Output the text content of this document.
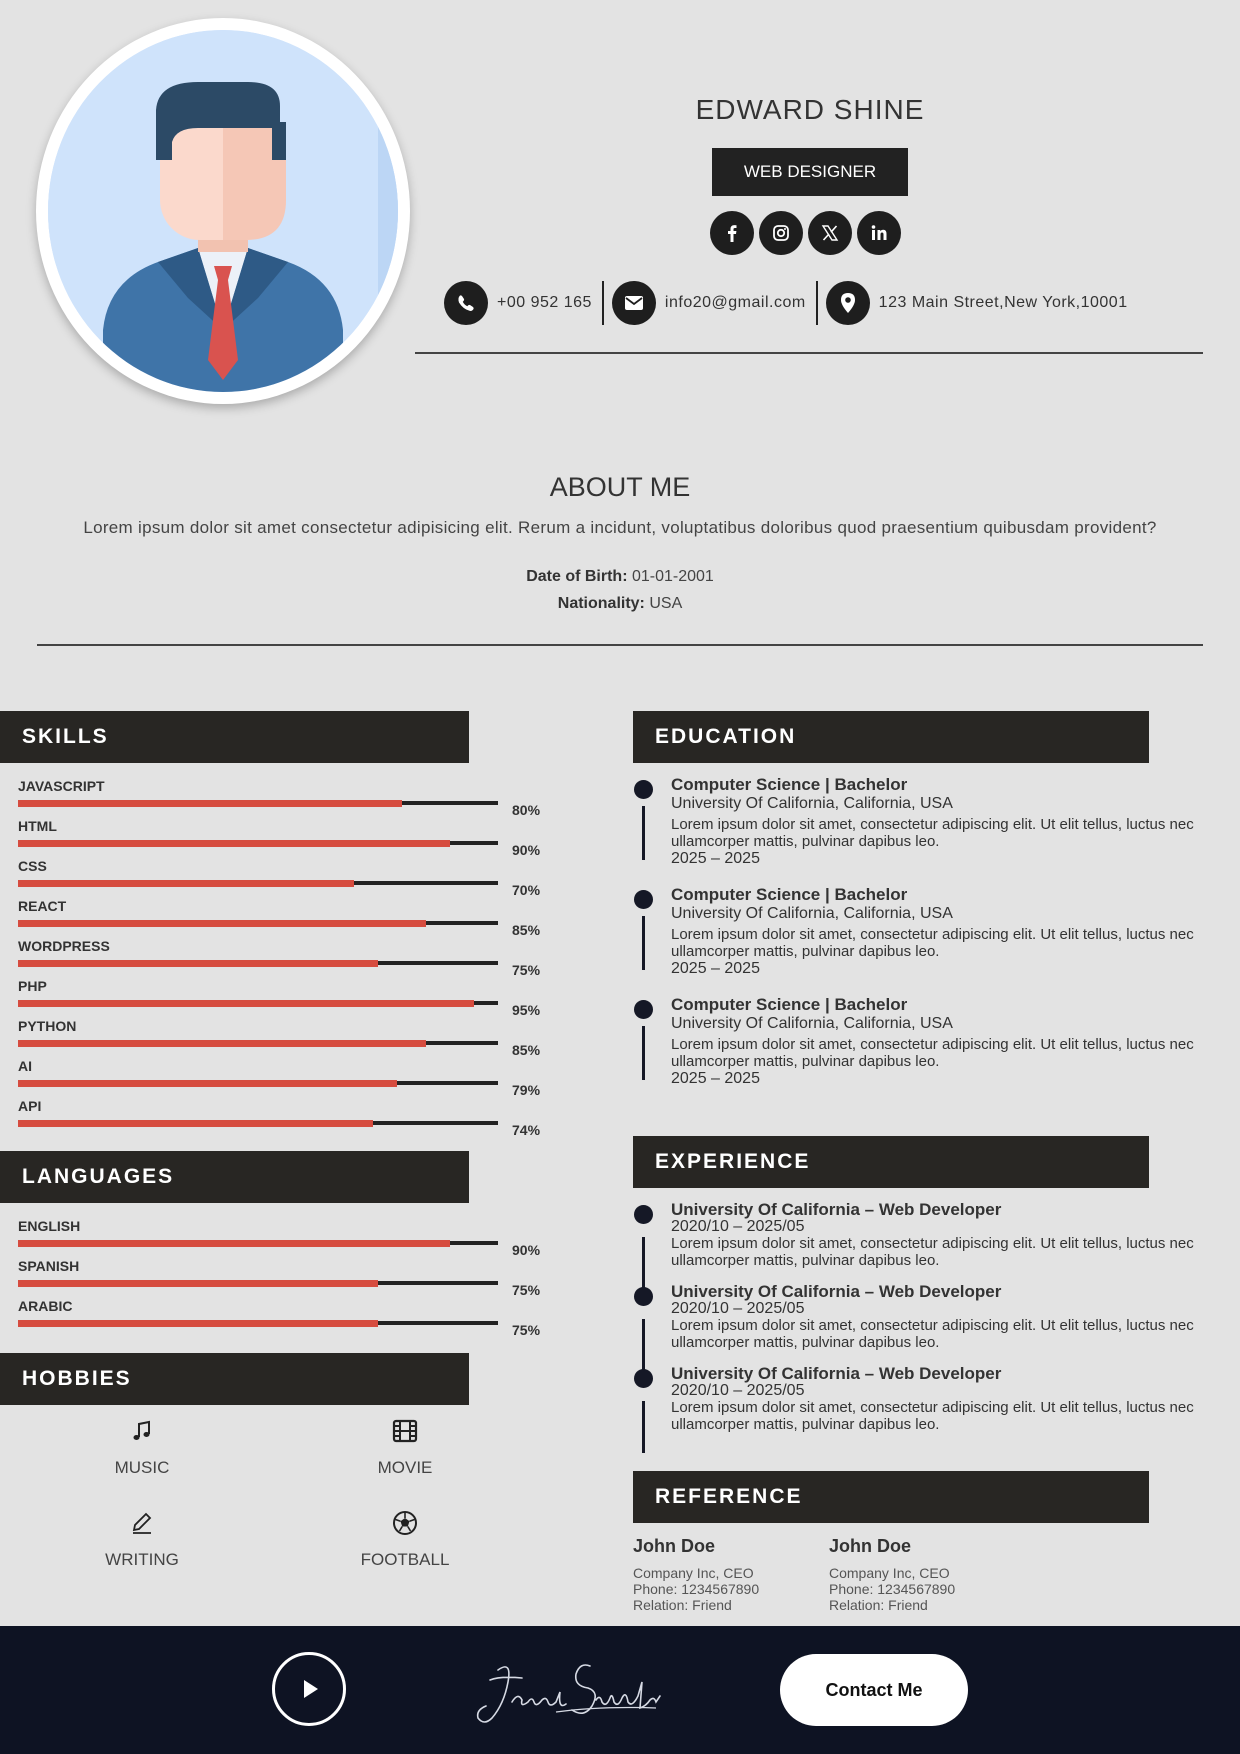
EDWARD SHINE
WEB DESIGNER
+00 952 165	info20@gmail.com	123 Main Street,New York,10001
ABOUT ME
Lorem ipsum dolor sit amet consectetur adipisicing elit. Rerum a incidunt, voluptatibus doloribus quod praesentium quibusdam provident?
Date of Birth: 01-01-2001
Nationality: USA
SKILLS
JAVASCRIPT
80%
HTML
90%
CSS
70%
REACT
85%
WORDPRESS
75%
PHP
95%
PYTHON
85%
AI
79%
API
74%
LANGUAGES
ENGLISH
90%
SPANISH
75%
ARABIC
75%
HOBBIES
MUSIC	MOVIE
WRITING	FOOTBALL
EDUCATION
Computer Science | Bachelor
University Of California, California, USA
Lorem ipsum dolor sit amet, consectetur adipiscing elit. Ut elit tellus, luctus nec ullamcorper mattis, pulvinar dapibus leo.
2025 – 2025
Computer Science | Bachelor
University Of California, California, USA
Lorem ipsum dolor sit amet, consectetur adipiscing elit. Ut elit tellus, luctus nec ullamcorper mattis, pulvinar dapibus leo.
2025 – 2025
Computer Science | Bachelor
University Of California, California, USA
Lorem ipsum dolor sit amet, consectetur adipiscing elit. Ut elit tellus, luctus nec ullamcorper mattis, pulvinar dapibus leo.
2025 – 2025
EXPERIENCE
University Of California – Web Developer
2020/10 – 2025/05
Lorem ipsum dolor sit amet, consectetur adipiscing elit. Ut elit tellus, luctus nec ullamcorper mattis, pulvinar dapibus leo.
University Of California – Web Developer
2020/10 – 2025/05
Lorem ipsum dolor sit amet, consectetur adipiscing elit. Ut elit tellus, luctus nec ullamcorper mattis, pulvinar dapibus leo.
University Of California – Web Developer
2020/10 – 2025/05
Lorem ipsum dolor sit amet, consectetur adipiscing elit. Ut elit tellus, luctus nec ullamcorper mattis, pulvinar dapibus leo.
REFERENCE
John Doe
Company Inc, CEO
Phone: 1234567890
Relation: Friend
John Doe
Company Inc, CEO
Phone: 1234567890
Relation: Friend
Contact Me
